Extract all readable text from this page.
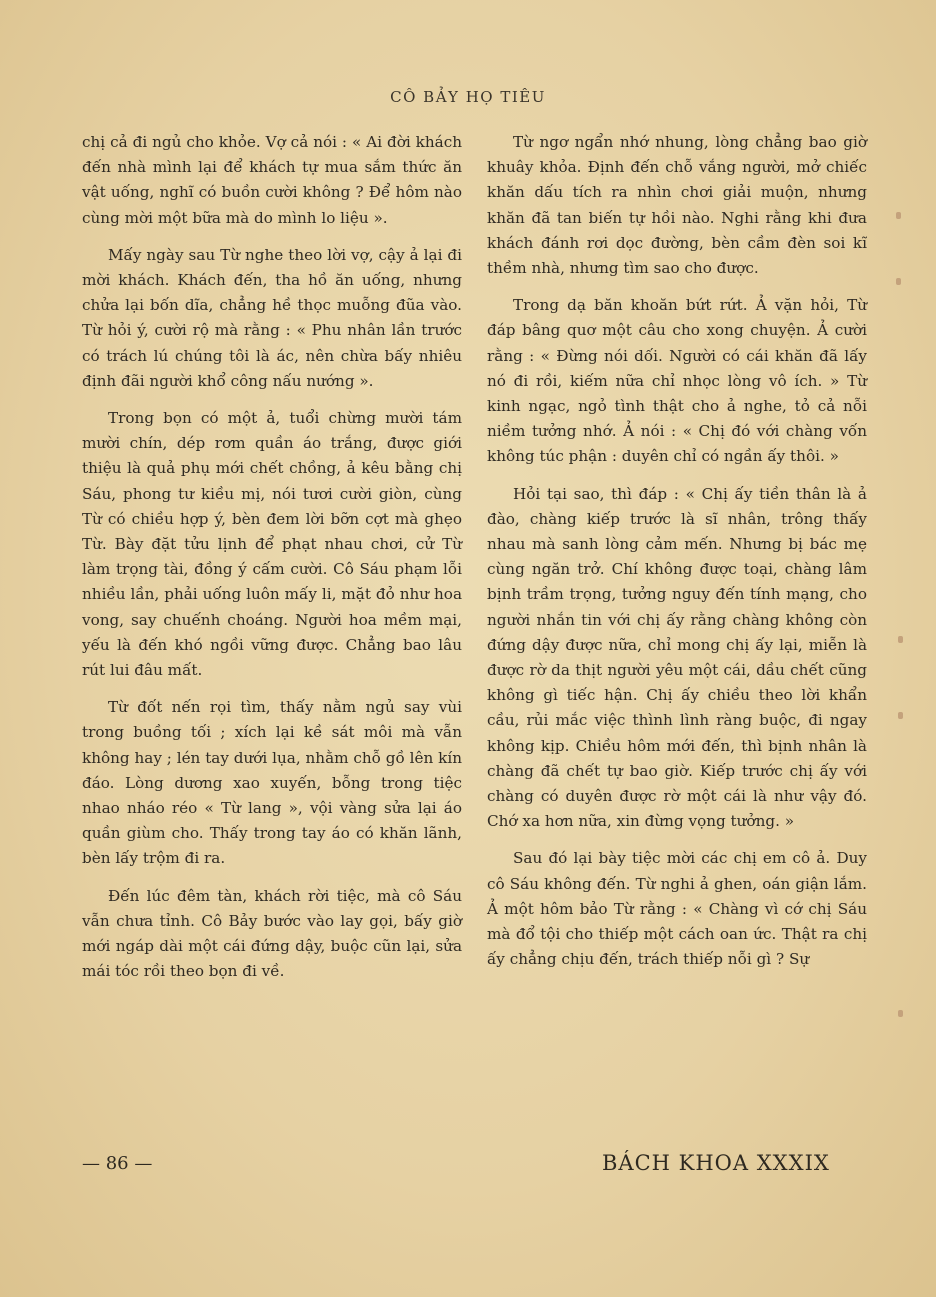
CÔ BẢY HỌ TIÊU

chị cả đi ngủ cho khỏe. Vợ cả nói : « Ai đời khách đến nhà mình lại để khách tự mua sắm thức ăn vật uống, nghĩ có buồn cười không ? Để hôm nào cùng mời một bữa mà do mình lo liệu ».

Mấy ngày sau Từ nghe theo lời vợ, cậy ả lại đi mời khách. Khách đến, tha hồ ăn uống, nhưng chửa lại bốn dĩa, chẳng hề thọc muỗng đũa vào. Từ hỏi ý, cười rộ mà rằng : « Phu nhân lần trước có trách lú chúng tôi là ác, nên chừa bấy nhiêu định đãi người khổ công nấu nướng ».

Trong bọn có một ả, tuổi chừng mười tám mười chín, dép rơm quần áo trắng, được giới thiệu là quả phụ mới chết chồng, ả kêu bằng chị Sáu, phong tư kiều mị, nói tươi cười giòn, cùng Từ có chiều hợp ý, bèn đem lời bỡn cợt mà ghẹo Từ. Bày đặt tửu lịnh để phạt nhau chơi, cử Từ làm trọng tài, đồng ý cấm cười. Cô Sáu phạm lỗi nhiều lần, phải uống luôn mấy li, mặt đỏ như hoa vong, say chuếnh choáng. Người hoa mềm mại, yếu là đến khó ngồi vững được. Chẳng bao lâu rút lui đâu mất.

Từ đốt nến rọi tìm, thấy nằm ngủ say vùi trong buồng tối ; xích lại kề sát môi mà vẫn không hay ; lén tay dưới lụa, nhằm chỗ gồ lên kín đáo. Lòng dương xao xuyến, bỗng trong tiệc nhao nháo réo « Từ lang », vội vàng sửa lại áo quần giùm cho. Thấy trong tay áo có khăn lãnh, bèn lấy trộm đi ra.

Đến lúc đêm tàn, khách rời tiệc, mà cô Sáu vẫn chưa tỉnh. Cô Bảy bước vào lay gọi, bấy giờ mới ngáp dài một cái đứng dậy, buộc cũn lại, sửa mái tóc rồi theo bọn đi về.

Từ ngơ ngẩn nhớ nhung, lòng chẳng bao giờ khuây khỏa. Định đến chỗ vắng người, mở chiếc khăn dấu tích ra nhìn chơi giải muộn, nhưng khăn đã tan biến tự hồi nào. Nghi rằng khi đưa khách đánh rơi dọc đường, bèn cầm đèn soi kĩ thềm nhà, nhưng tìm sao cho được.

Trong dạ băn khoăn bứt rứt. Ả vặn hỏi, Từ đáp bâng quơ một câu cho xong chuyện. Ả cười rằng : « Đừng nói dối. Người có cái khăn đã lấy nó đi rồi, kiếm nữa chỉ nhọc lòng vô ích. » Từ kinh ngạc, ngỏ tình thật cho ả nghe, tỏ cả nỗi niềm tưởng nhớ. Ả nói : « Chị đó với chàng vốn không túc phận : duyên chỉ có ngần ấy thôi. »

Hỏi tại sao, thì đáp : « Chị ấy tiền thân là ả đào, chàng kiếp trước là sĩ nhân, trông thấy nhau mà sanh lòng cảm mến. Nhưng bị bác mẹ cùng ngăn trở. Chí không được toại, chàng lâm bịnh trầm trọng, tưởng nguy đến tính mạng, cho người nhắn tin với chị ấy rằng chàng không còn đứng dậy được nữa, chỉ mong chị ấy lại, miễn là được rờ da thịt người yêu một cái, dầu chết cũng không gì tiếc hận. Chị ấy chiều theo lời khẩn cầu, rủi mắc việc thình lình ràng buộc, đi ngay không kịp. Chiều hôm mới đến, thì bịnh nhân là chàng đã chết tự bao giờ. Kiếp trước chị ấy với chàng có duyên được rờ một cái là như vậy đó. Chớ xa hơn nữa, xin đừng vọng tưởng. »

Sau đó lại bày tiệc mời các chị em cô ả. Duy cô Sáu không đến. Từ nghi ả ghen, oán giận lắm. Ả một hôm bảo Từ rằng : « Chàng vì cớ chị Sáu mà đổ tội cho thiếp một cách oan ức. Thật ra chị ấy chẳng chịu đến, trách thiếp nỗi gì ? Sự

— 86 —	BÁCH KHOA XXXIX
